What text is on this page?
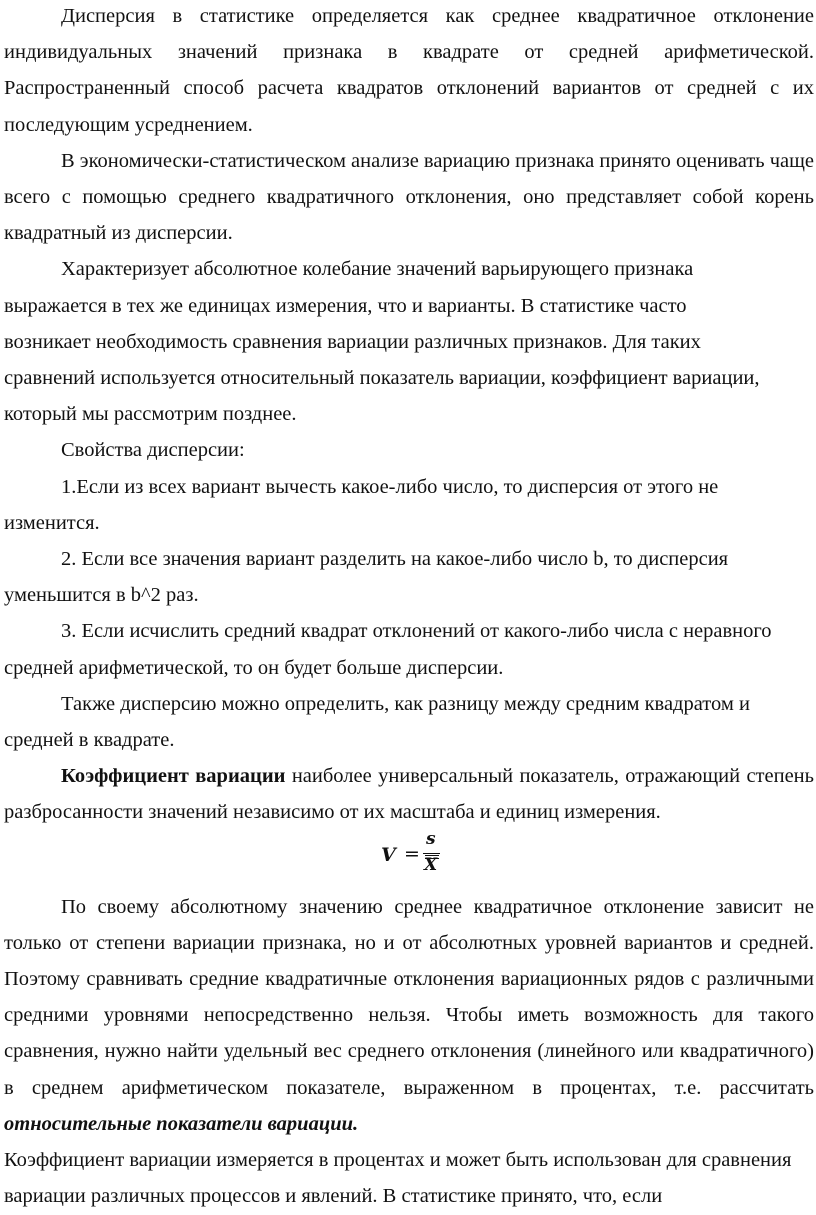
Дисперсия в статистике определяется как среднее квадратичное отклонение индивидуальных значений признака в квадрате от средней арифметической. Распространенный способ расчета квадратов отклонений вариантов от средней с их последующим усреднением.

В экономически-статистическом анализе вариацию признака принято оценивать чаще всего с помощью среднего квадратичного отклонения, оно представляет собой корень квадратный из дисперсии.

Характеризует абсолютное колебание значений варьирующего признака выражается в тех же единицах измерения, что и варианты. В статистике часто возникает необходимость сравнения вариации различных признаков. Для таких сравнений используется относительный показатель вариации, коэффициент вариации, который мы рассмотрим позднее.

Свойства дисперсии:

1.Если из всех вариант вычесть какое-либо число, то дисперсия от этого не изменится.

2. Если все значения вариант разделить на какое-либо число b, то дисперсия уменьшится в b^2 раз.

3. Если исчислить средний квадрат отклонений от какого-либо числа с неравного средней арифметической, то он будет больше дисперсии.

Также дисперсию можно определить, как разницу между средним квадратом и средней в квадрате.

Коэффициент вариации наиболее универсальный показатель, отражающий степень разбросанности значений независимо от их масштаба и единиц измерения.

V =
s
X

По своему абсолютному значению среднее квадратичное отклонение зависит не только от степени вариации признака, но и от абсолютных уровней вариантов и средней. Поэтому сравнивать средние квадратичные отклонения вариационных рядов с различными средними уровнями непосредственно нельзя. Чтобы иметь возможность для такого сравнения, нужно найти удельный вес среднего отклонения (линейного или квадратичного) в среднем арифметическом показателе, выраженном в процентах, т.е. рассчитать относительные показатели вариации.

Коэффициент вариации измеряется в процентах и может быть использован для сравнения вариации различных процессов и явлений. В статистике принято, что, если
